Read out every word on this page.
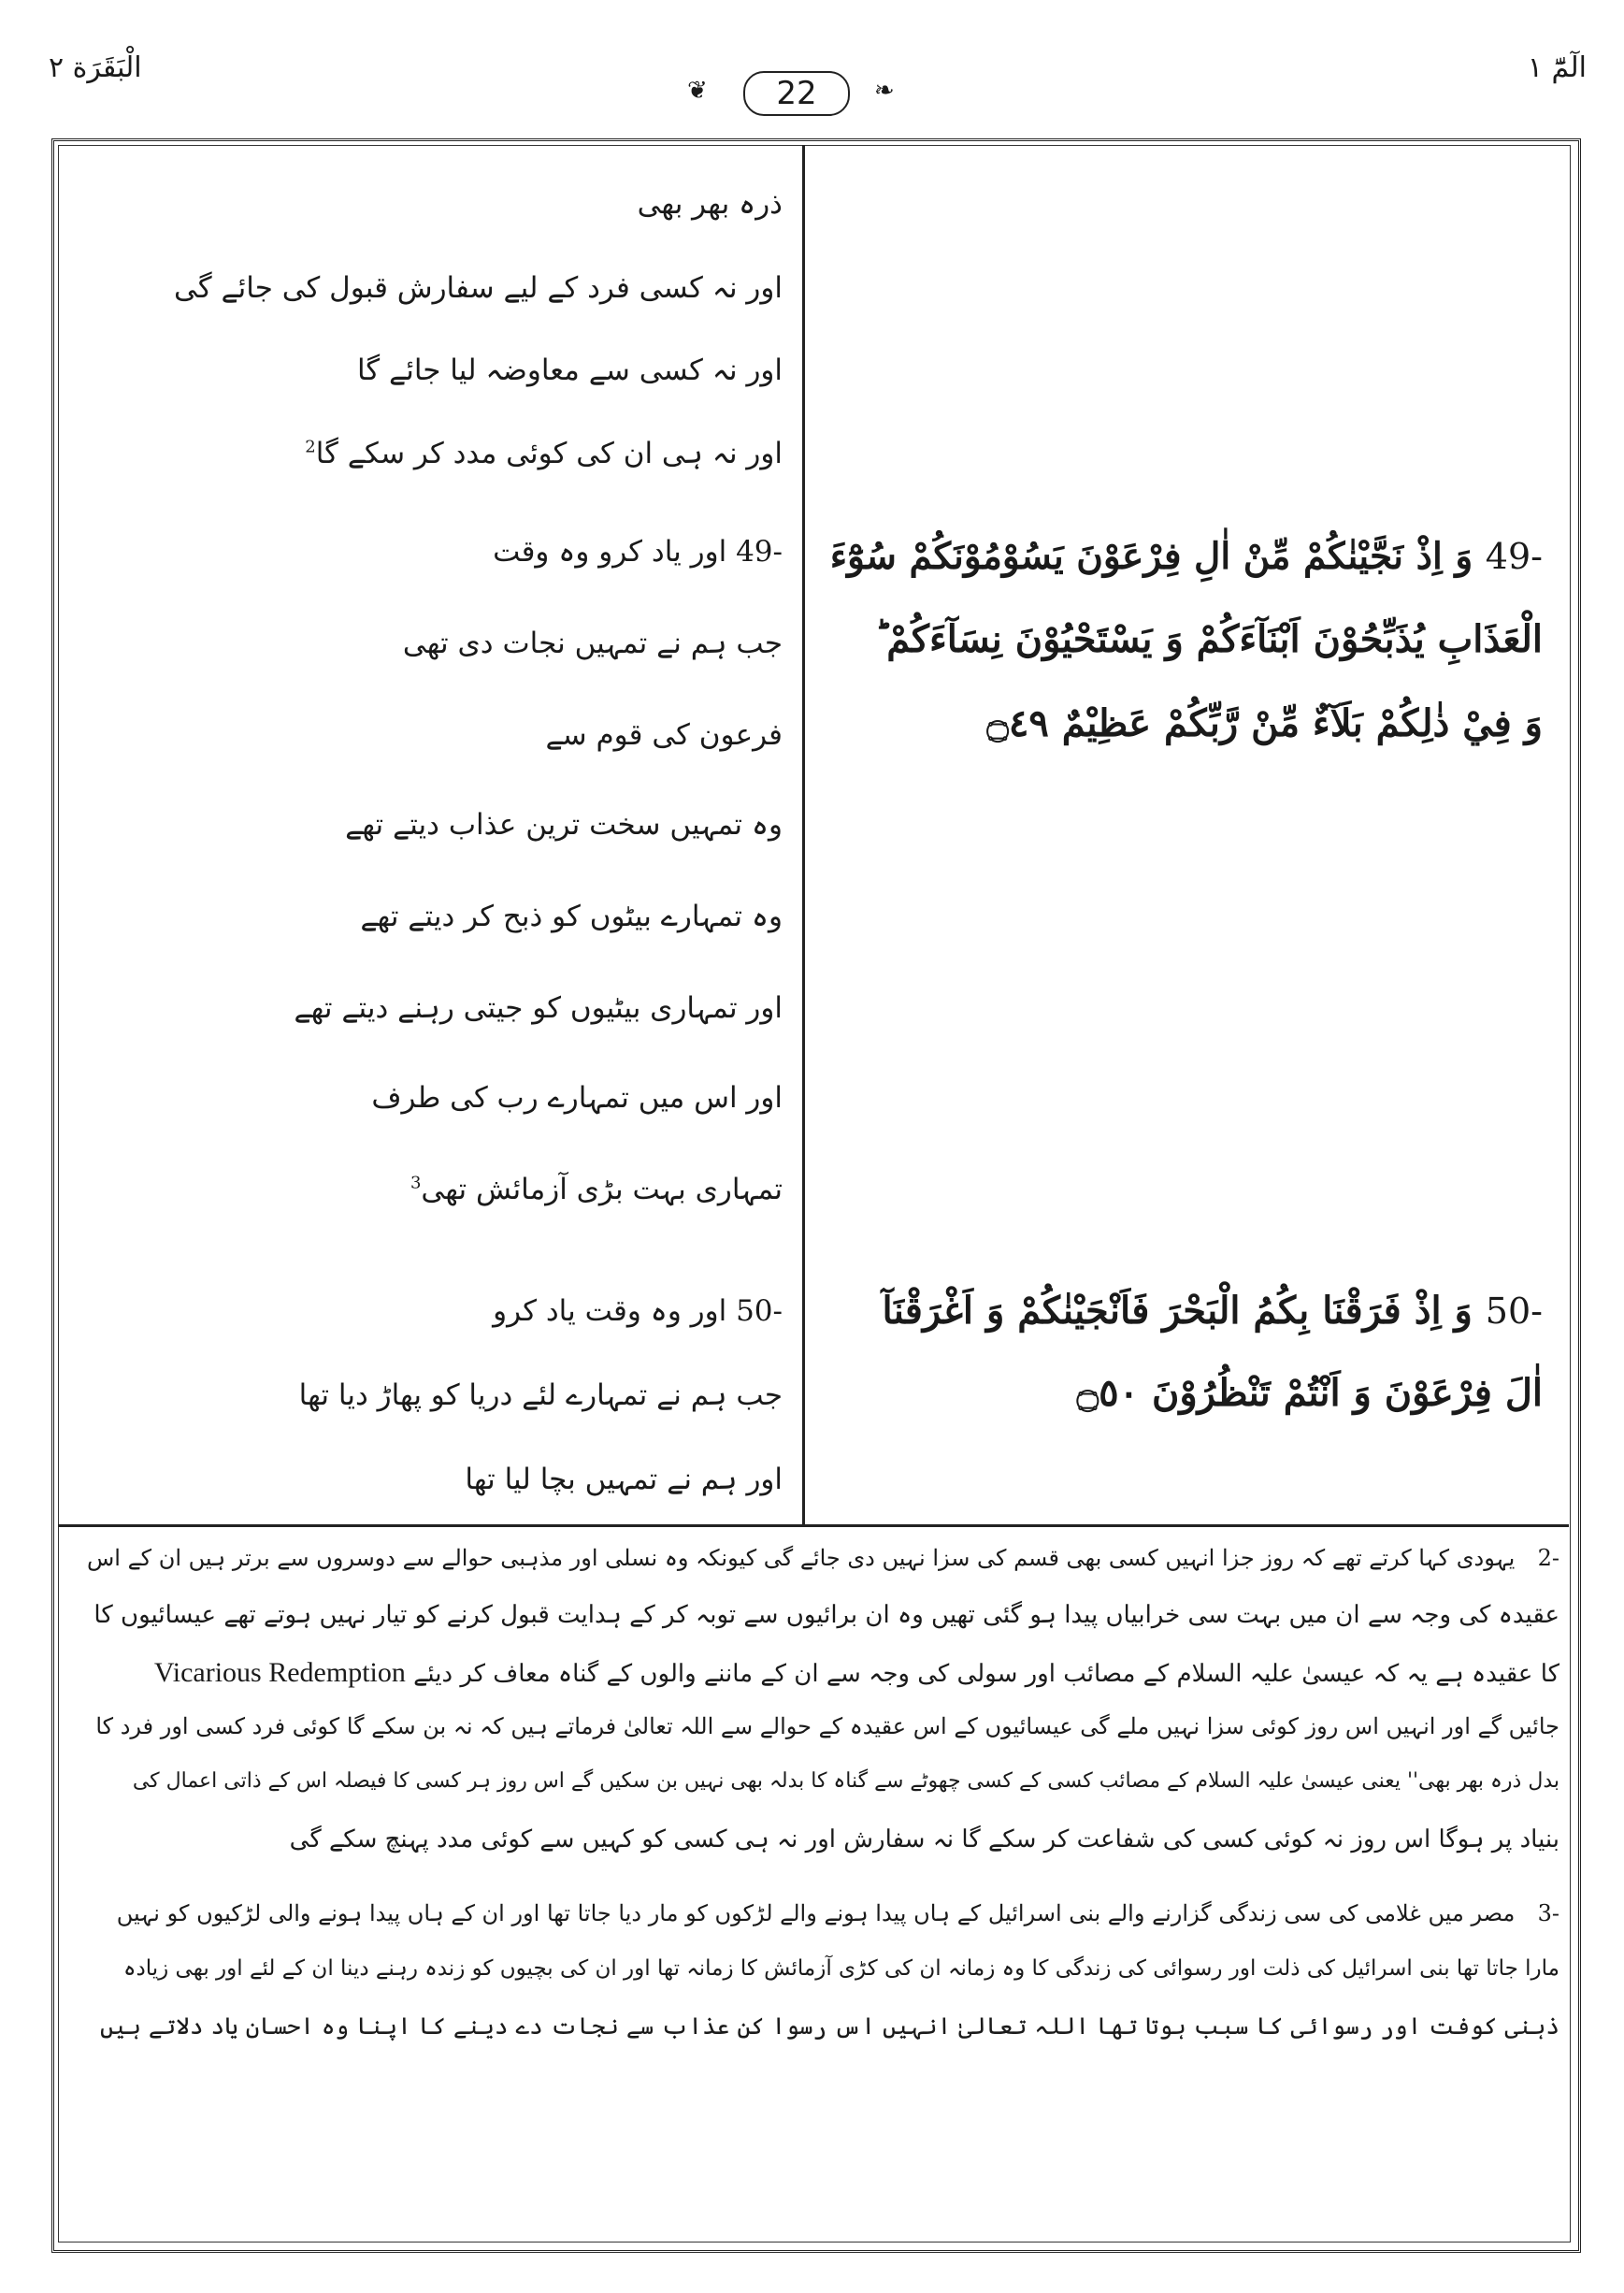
الٓمّٓ ١
الْبَقَرَة ٢
❦	22	❧
ذرہ بھر بھی
اور نہ کسی فرد کے لیے سفارش قبول کی جائے گی
اور نہ کسی سے معاوضہ لیا جائے گا
اور نہ ہی ان کی کوئی مدد کر سکے گا$^2$
-49 اور یاد کرو وہ وقت
جب ہم نے تمہیں نجات دی تھی
فرعون کی قوم سے
وہ تمہیں سخت ترین عذاب دیتے تھے
وہ تمہارے بیٹوں کو ذبح کر دیتے تھے
اور تمہاری بیٹیوں کو جیتی رہنے دیتے تھے
اور اس میں تمہارے رب کی طرف
تمہاری بہت بڑی آزمائش تھی$^3$
-50 اور وہ وقت یاد کرو
جب ہم نے تمہارے لئے دریا کو پھاڑ دیا تھا
اور ہم نے تمہیں بچا لیا تھا
-49 وَ اِذْ نَجَّيْنٰكُمْ مِّنْ اٰلِ فِرْعَوْنَ يَسُوْمُوْنَكُمْ سُوْٓءَ
الْعَذَابِ يُذَبِّحُوْنَ اَبْنَآءَكُمْ وَ يَسْتَحْيُوْنَ نِسَآءَكُمْ ؕ
وَ فِيْ ذٰلِكُمْ بَلَآءٌ مِّنْ رَّبِّكُمْ عَظِيْمٌ ۝٤٩
-50 وَ اِذْ فَرَقْنَا بِكُمُ الْبَحْرَ فَاَنْجَيْنٰكُمْ وَ اَغْرَقْنَآ
اٰلَ فِرْعَوْنَ وَ اَنْتُمْ تَنْظُرُوْنَ ۝٥٠
-2 یہودی کہا کرتے تھے کہ روز جزا انہیں کسی بھی قسم کی سزا نہیں دی جائے گی کیونکہ وہ نسلی اور مذہبی حوالے سے دوسروں سے برتر ہیں ان کے اس
عقیدہ کی وجہ سے ان میں بہت سی خرابیاں پیدا ہو گئی تھیں وہ ان برائیوں سے توبہ کر کے ہدایت قبول کرنے کو تیار نہیں ہوتے تھے عیسائیوں کا
کا عقیدہ ہے یہ کہ عیسیٰ علیہ السلام کے مصائب اور سولی کی وجہ سے ان کے ماننے والوں کے گناہ معاف کر دیئے Vicarious Redemption
جائیں گے اور انہیں اس روز کوئی سزا نہیں ملے گی عیسائیوں کے اس عقیدہ کے حوالے سے اللہ تعالیٰ فرماتے ہیں کہ نہ بن سکے گا کوئی فرد کسی اور فرد کا
بدل ذرہ بھر بھی'' یعنی عیسیٰ علیہ السلام کے مصائب کسی کے کسی چھوٹے سے گناہ کا بدلہ بھی نہیں بن سکیں گے اس روز ہر کسی کا فیصلہ اس کے ذاتی اعمال کی
بنیاد پر ہوگا اس روز نہ کوئی کسی کی شفاعت کر سکے گا نہ سفارش اور نہ ہی کسی کو کہیں سے کوئی مدد پہنچ سکے گی
-3 مصر میں غلامی کی سی زندگی گزارنے والے بنی اسرائیل کے ہاں پیدا ہونے والے لڑکوں کو مار دیا جاتا تھا اور ان کے ہاں پیدا ہونے والی لڑکیوں کو نہیں
مارا جاتا تھا بنی اسرائیل کی ذلت اور رسوائی کی زندگی کا وہ زمانہ ان کی کڑی آزمائش کا زمانہ تھا اور ان کی بچیوں کو زندہ رہنے دینا ان کے لئے اور بھی زیادہ
ذہنی کوفت اور رسوائی کا سبب ہوتا تھا اللہ تعالیٰ انہیں اس رسوا کن عذاب سے نجات دے دینے کا اپنا وہ احسان یاد دلاتے ہیں
